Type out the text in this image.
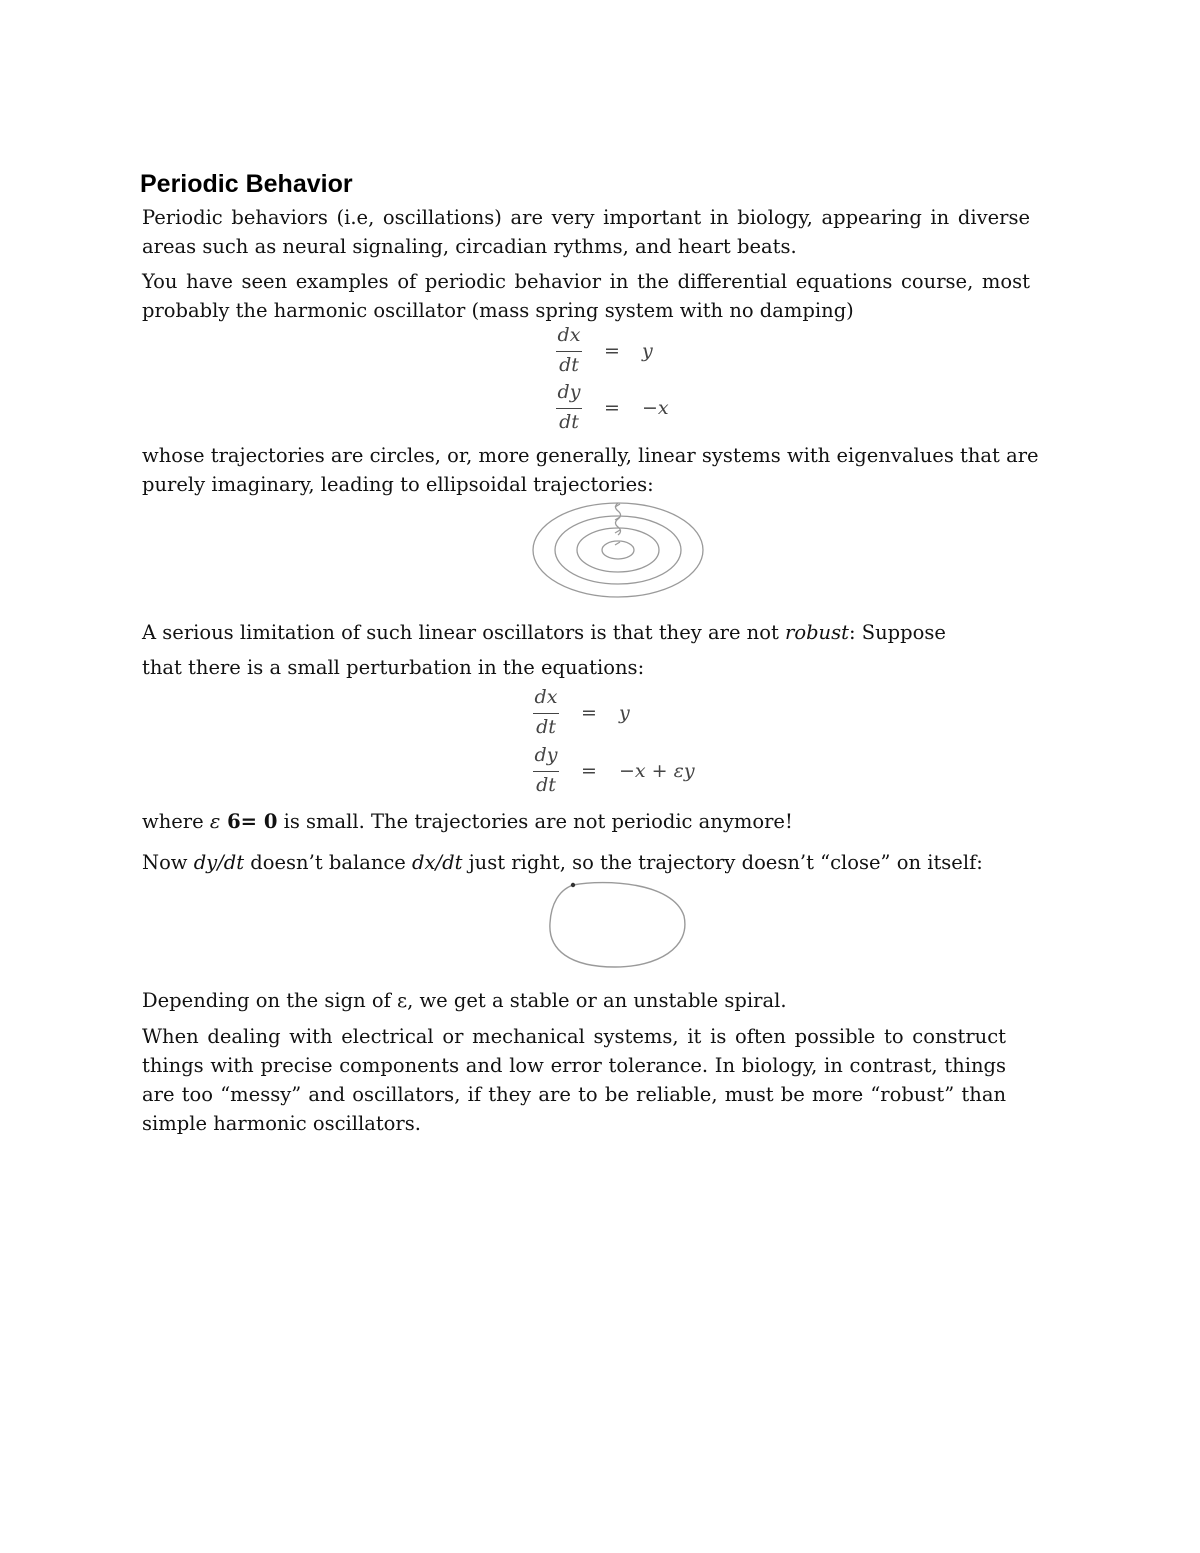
Periodic Behavior

Periodic behaviors (i.e, oscillations) are very important in biology, appearing in diverse areas such as neural signaling, circadian rythms, and heart beats.

You have seen examples of periodic behavior in the differential equations course, most probably the harmonic oscillator (mass spring system with no damping)

dx
dt
= y
dy
dt
= −x

whose trajectories are circles, or, more generally, linear systems with eigenvalues that are

purely imaginary, leading to ellipsoidal trajectories:

A serious limitation of such linear oscillators is that they are not robust: Suppose

that there is a small perturbation in the equations:

dx
dt
= y
dy
dt
= −x + εy

where ε 6= 0 is small. The trajectories are not periodic anymore!

Now dy/dt doesn’t balance dx/dt just right, so the trajectory doesn’t “close” on itself:

Depending on the sign of ε, we get a stable or an unstable spiral.

When dealing with electrical or mechanical systems, it is often possible to construct things with precise components and low error tolerance. In biology, in contrast, things are too “messy” and oscillators, if they are to be reliable, must be more “robust” than simple harmonic oscillators.
